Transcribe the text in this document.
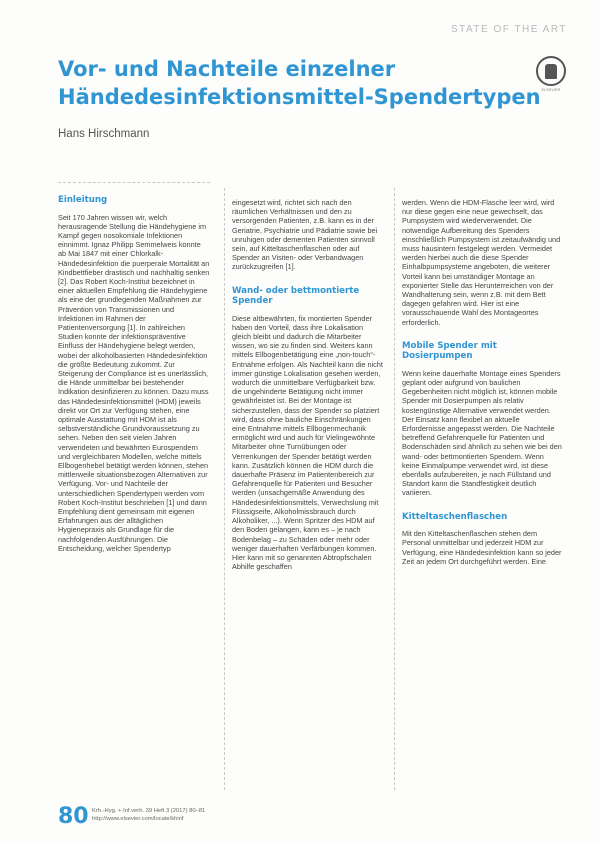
STATE OF THE ART
Vor- und Nachteile einzelner
Händedesinfektionsmittel-Spendertypen ELSEVIER
Hans Hirschmann
Einleitung

Seit 170 Jahren wissen wir, welch herausragende Stellung die Händehygiene im Kampf gegen nosokomiale Infektionen einnimmt. Ignaz Philipp Semmelweis konnte ab Mai 1847 mit einer Chlorkalk-Händedesinfektion die puerperale Mortalität an Kindbettfieber drastisch und nachhaltig senken [2]. Das Robert Koch-Institut bezeichnet in einer aktuellen Empfehlung die Händehygiene als eine der grundlegenden Maßnahmen zur Prävention von Transmissionen und Infektionen im Rahmen der Patientenversorgung [1]. In zahlreichen Studien konnte der infektionspräventive Einfluss der Händehygiene belegt werden, wobei der alkoholbasierten Händedesinfektion die größte Bedeutung zukommt. Zur Steigerung der Compliance ist es unerlässlich, die Hände unmittelbar bei bestehender Indikation desinfizieren zu können. Dazu muss das Händedesinfektionsmittel (HDM) jeweils direkt vor Ort zur Verfügung stehen, eine optimale Ausstattung mit HDM ist als selbstverständliche Grundvoraussetzung zu sehen. Neben den seit vielen Jahren verwendeten und bewährten Eurospendern und vergleichbaren Modellen, welche mittels Ellbogenhebel betätigt werden können, stehen mittlerweile situationsbezogen Alternativen zur Verfügung. Vor- und Nachteile der unterschiedlichen Spendertypen werden vom Robert Koch-Institut beschrieben [1] und dann Empfehlung dient gemeinsam mit eigenen Erfahrungen aus der alltäglichen Hygienepraxis als Grundlage für die nachfolgenden Ausführungen. Die Entscheidung, welcher Spendertyp

eingesetzt wird, richtet sich nach den räumlichen Verhältnissen und den zu versorgenden Patienten, z.B. kann es in der Geriatrie, Psychiatrie und Pädiatrie sowie bei unruhigen oder dementen Patienten sinnvoll sein, auf Kitteltaschenflaschen oder auf Spender an Visiten- oder Verbandwagen zurückzugreifen [1].

Wand- oder bettmontierte Spender

Diese altbewährten, fix montierten Spender haben den Vorteil, dass ihre Lokalisation gleich bleibt und dadurch die Mitarbeiter wissen, wo sie zu finden sind. Weiters kann mittels Ellbogenbetätigung eine „non-touch“-Entnahme erfolgen. Als Nachteil kann die nicht immer günstige Lokalisation gesehen werden, wodurch die unmittelbare Verfügbarkeit bzw. die ungehinderte Betätigung nicht immer gewährleistet ist. Bei der Montage ist sicherzustellen, dass der Spender so platziert wird, dass ohne bauliche Einschränkungen eine Entnahme mittels Ellbogenmechanik ermöglicht wird und auch für Vielingewöhnte Mitarbeiter ohne Turnübungen oder Verrenkungen der Spender betätigt werden kann. Zusätzlich können die HDM durch die dauerhafte Präsenz im Patientenbereich zur Gefahrenquelle für Patienten und Besucher werden (unsachgemäße Anwendung des Händedesinfektionsmittels, Verwechslung mit Flüssigseife, Alkoholmissbrauch durch Alkoholiker, ...). Wenn Spritzer des HDM auf den Boden gelangen, kann es – je nach Bodenbelag – zu Schäden oder mehr oder weniger dauerhaften Verfärbungen kommen. Hier kann mit so genannten Abtropfschalen Abhilfe geschaffen

werden. Wenn die HDM-Flasche leer wird, wird nur diese gegen eine neue gewechselt, das Pumpsystem wird wiederverwendet. Die notwendige Aufbereitung des Spenders einschließlich Pumpsystem ist zeitaufwändig und muss hausintern festgelegt werden. Vermeidet werden hierbei auch die diese Spender Einhalbpumpsysteme angeboten, die weiterer Vorteil kann bei umständiger Montage an exponierter Stelle das Herunterreichen von der Wandhalterung sein, wenn z.B. mit dem Bett dagegen gefahren wird. Hier ist eine vorausschauende Wahl des Montageortes erforderlich.

Mobile Spender mit Dosierpumpen

Wenn keine dauerhafte Montage eines Spenders geplant oder aufgrund von baulichen Gegebenheiten nicht möglich ist, können mobile Spender mit Dosierpumpen als relativ kostengünstige Alternative verwendet werden. Der Einsatz kann flexibel an aktuelle Erfordernisse angepasst werden. Die Nachteile betreffend Gefahrenquelle für Patienten und Bodenschäden sind ähnlich zu sehen wie bei den wand- oder bettmontierten Spendern. Wenn keine Einmalpumpe verwendet wird, ist diese ebenfalls aufzubereiten, je nach Füllstand und Standort kann die Standfestigkeit deutlich variieren.

Kitteltaschenflaschen

Mit den Kitteltaschenflaschen stehen dem Personal unmittelbar und jederzeit HDM zur Verfügung, eine Händedesinfektion kann so jeder Zeit an jedem Ort durchgeführt werden. Eine

80 Krh.-Hyg. + Inf.verh. 39 Heft 3 (2017) 80–81
http://www.elsevier.com/locate/khinf
